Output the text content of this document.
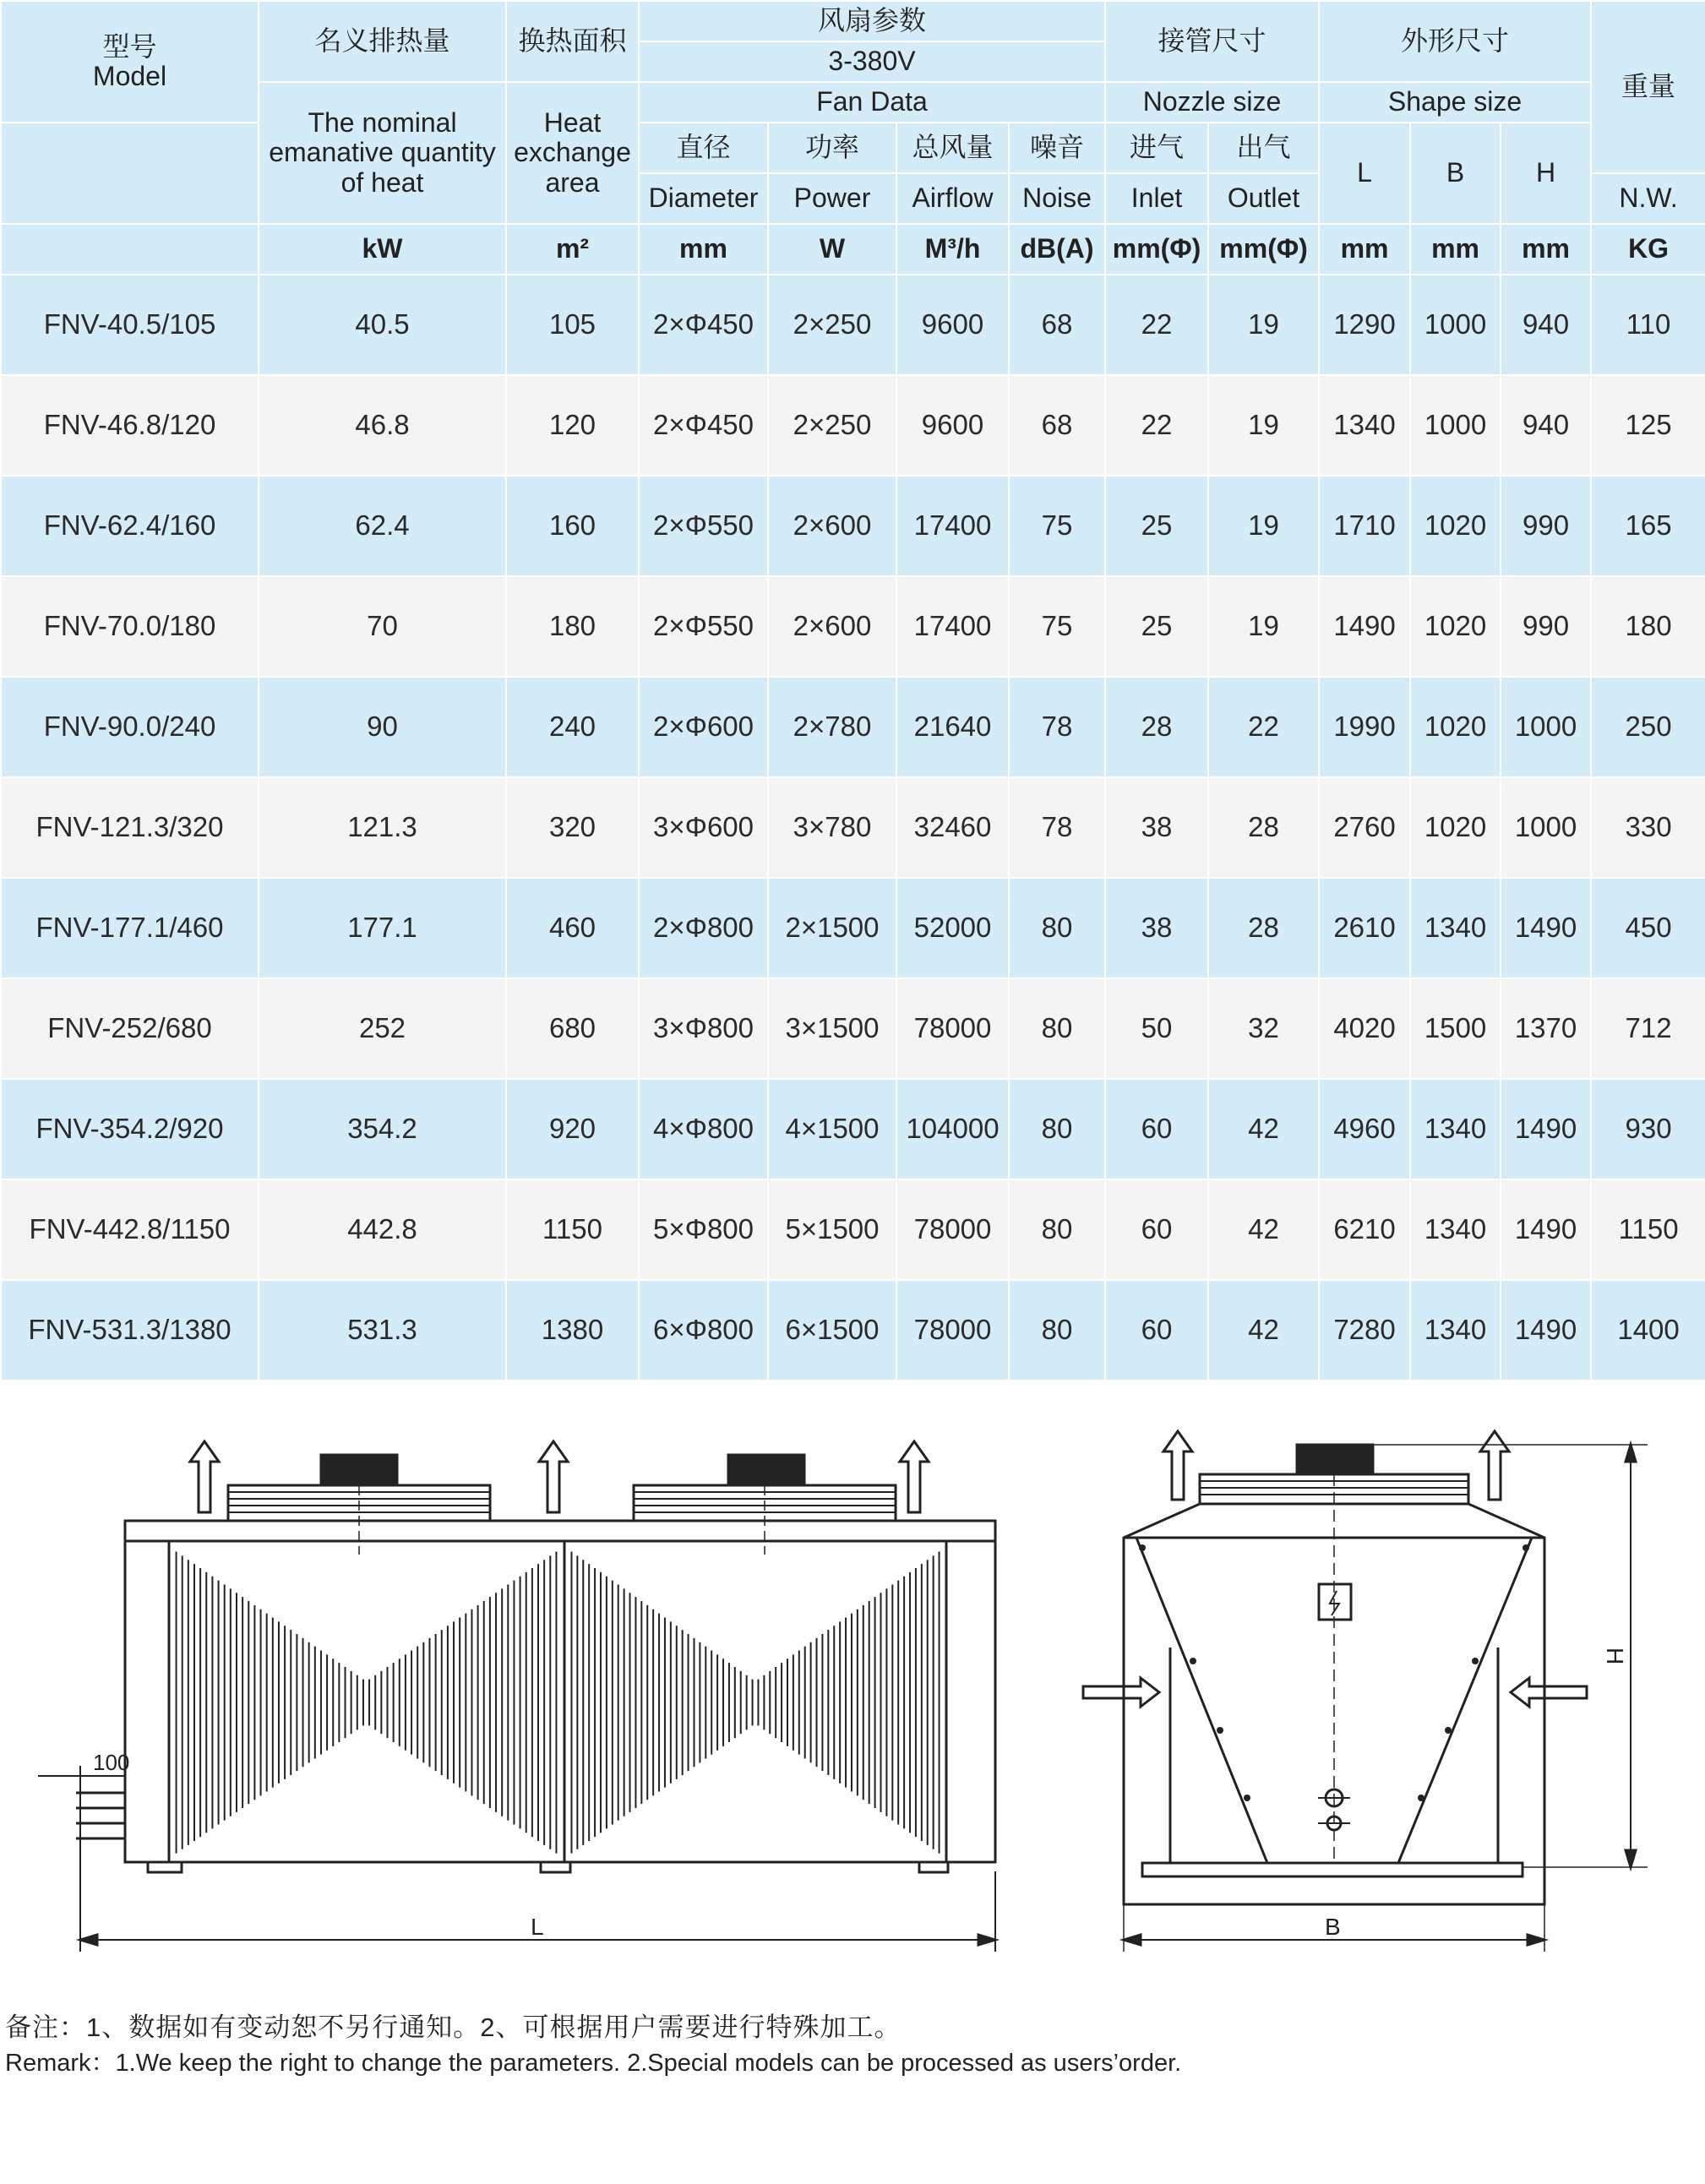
型号
Model	名义排热量	换热面积	风扇参数				接管尺寸		外形尺寸			重量
			3-380V									
	The nominal emanative quantity of heat	Heat exchange area	Fan Data				Nozzle size		Shape size			
			直径	功率	总风量	噪音	进气	出气	L	B	H	
			Diameter	Power	Airflow	Noise	Inlet	Outlet				N.W.
	kW	m²	mm	W	M³/h	dB(A)	mm(Φ)	mm(Φ)	mm	mm	mm	KG
FNV-40.5/105	40.5	105	2×Φ450	2×250	9600	68	22	19	1290	1000	940	110
FNV-46.8/120	46.8	120	2×Φ450	2×250	9600	68	22	19	1340	1000	940	125
FNV-62.4/160	62.4	160	2×Φ550	2×600	17400	75	25	19	1710	1020	990	165
FNV-70.0/180	70	180	2×Φ550	2×600	17400	75	25	19	1490	1020	990	180
FNV-90.0/240	90	240	2×Φ600	2×780	21640	78	28	22	1990	1020	1000	250
FNV-121.3/320	121.3	320	3×Φ600	3×780	32460	78	38	28	2760	1020	1000	330
FNV-177.1/460	177.1	460	2×Φ800	2×1500	52000	80	38	28	2610	1340	1490	450
FNV-252/680	252	680	3×Φ800	3×1500	78000	80	50	32	4020	1500	1370	712
FNV-354.2/920	354.2	920	4×Φ800	4×1500	104000	80	60	42	4960	1340	1490	930
FNV-442.8/1150	442.8	1150	5×Φ800	5×1500	78000	80	60	42	6210	1340	1490	1150
FNV-531.3/1380	531.3	1380	6×Φ800	6×1500	78000	80	60	42	7280	1340	1490	1400
100
L	B
H

备注：1、数据如有变动恕不另行通知。2、可根据用户需要进行特殊加工。

Remark：1.We keep the right to change the parameters. 2.Special models can be processed as users’order.
